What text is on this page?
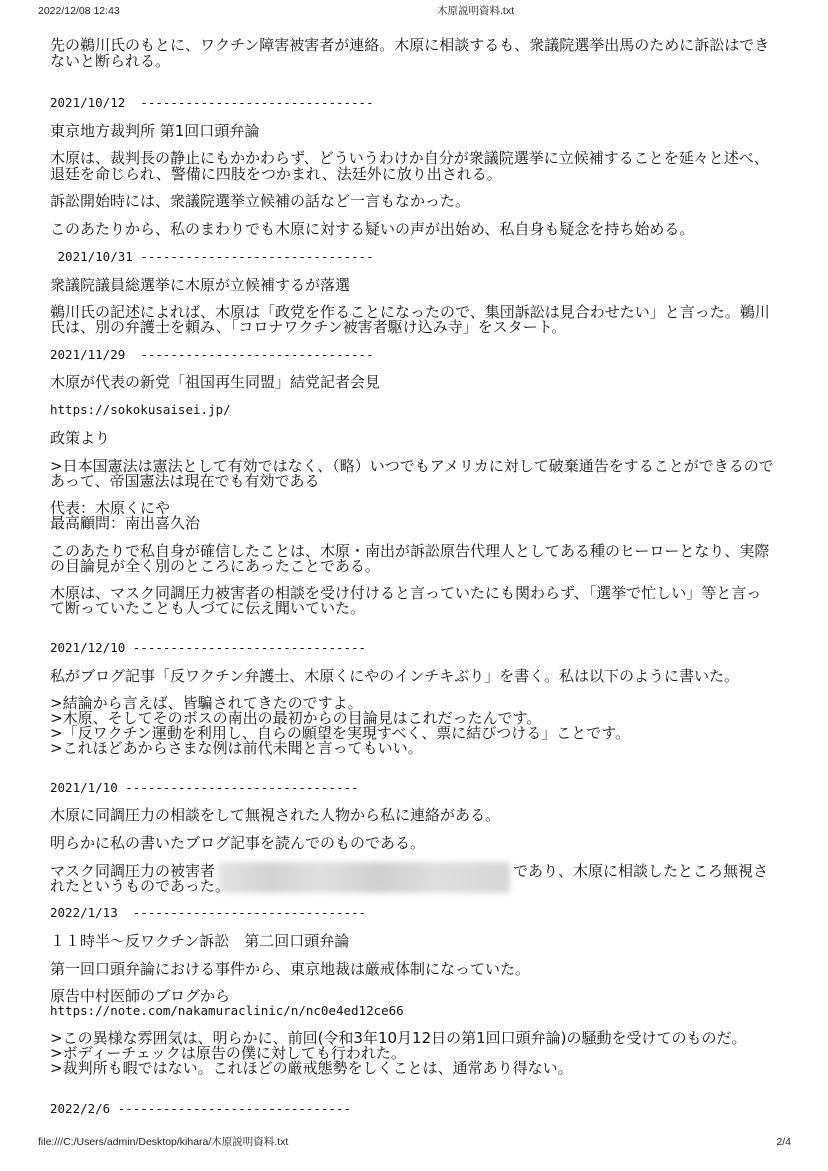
2022/12/08 12:43	木原説明資料.txt
先の鵜川氏のもとに、ワクチン障害被害者が連絡。木原に相談するも、衆議院選挙出馬のために訴訟はでき
ないと断られる。
2021/10/12  -------------------------------
東京地方裁判所 第1回口頭弁論
木原は、裁判長の静止にもかかわらず、どういうわけか自分が衆議院選挙に立候補することを延々と述べ、
退廷を命じられ、警備に四肢をつかまれ、法廷外に放り出される。
訴訟開始時には、衆議院選挙立候補の話など一言もなかった。
このあたりから、私のまわりでも木原に対する疑いの声が出始め、私自身も疑念を持ち始める。
2021/10/31 -------------------------------
衆議院議員総選挙に木原が立候補するが落選
鵜川氏の記述によれば、木原は「政党を作ることになったので、集団訴訟は見合わせたい」と言った。鵜川
氏は、別の弁護士を頼み、「コロナワクチン被害者駆け込み寺」をスタート。
2021/11/29  -------------------------------
木原が代表の新党「祖国再生同盟」結党記者会見
https://sokokusaisei.jp/
政策より
>日本国憲法は憲法として有効ではなく、（略）いつでもアメリカに対して破棄通告をすることができるので
あって、帝国憲法は現在でも有効である
代表：木原くにや
最高顧問：南出喜久治
このあたりで私自身が確信したことは、木原・南出が訴訟原告代理人としてある種のヒーローとなり、実際
の目論見が全く別のところにあったことである。
木原は、マスク同調圧力被害者の相談を受け付けると言っていたにも関わらず、「選挙で忙しい」等と言っ
て断っていたことも人づてに伝え聞いていた。
2021/12/10 -------------------------------
私がブログ記事「反ワクチン弁護士、木原くにやのインチキぶり」を書く。私は以下のように書いた。
>結論から言えば、皆騙されてきたのですよ。
>木原、そしてそのボスの南出の最初からの目論見はこれだったんです。
>「反ワクチン運動を利用し、自らの願望を実現すべく、票に結びつける」ことです。
>これほどあからさまな例は前代未聞と言ってもいい。
2021/1/10 -------------------------------
木原に同調圧力の相談をして無視された人物から私に連絡がある。
明らかに私の書いたブログ記事を読んでのものである。
マスク同調圧力の被害者	であり、木原に相談したところ無視さ
れたというものであった。
2022/1/13  -------------------------------
１１時半～反ワクチン訴訟　第二回口頭弁論
第一回口頭弁論における事件から、東京地裁は厳戒体制になっていた。
原告中村医師のブログから
https://note.com/nakamuraclinic/n/nc0e4ed12ce66
>この異様な雰囲気は、明らかに、前回(令和3年10月12日の第1回口頭弁論)の騒動を受けてのものだ。
>ボディーチェックは原告の僕に対しても行われた。
>裁判所も暇ではない。これほどの厳戒態勢をしくことは、通常あり得ない。
2022/2/6 -------------------------------
file:///C:/Users/admin/Desktop/kihara/木原説明資料.txt	2/4
